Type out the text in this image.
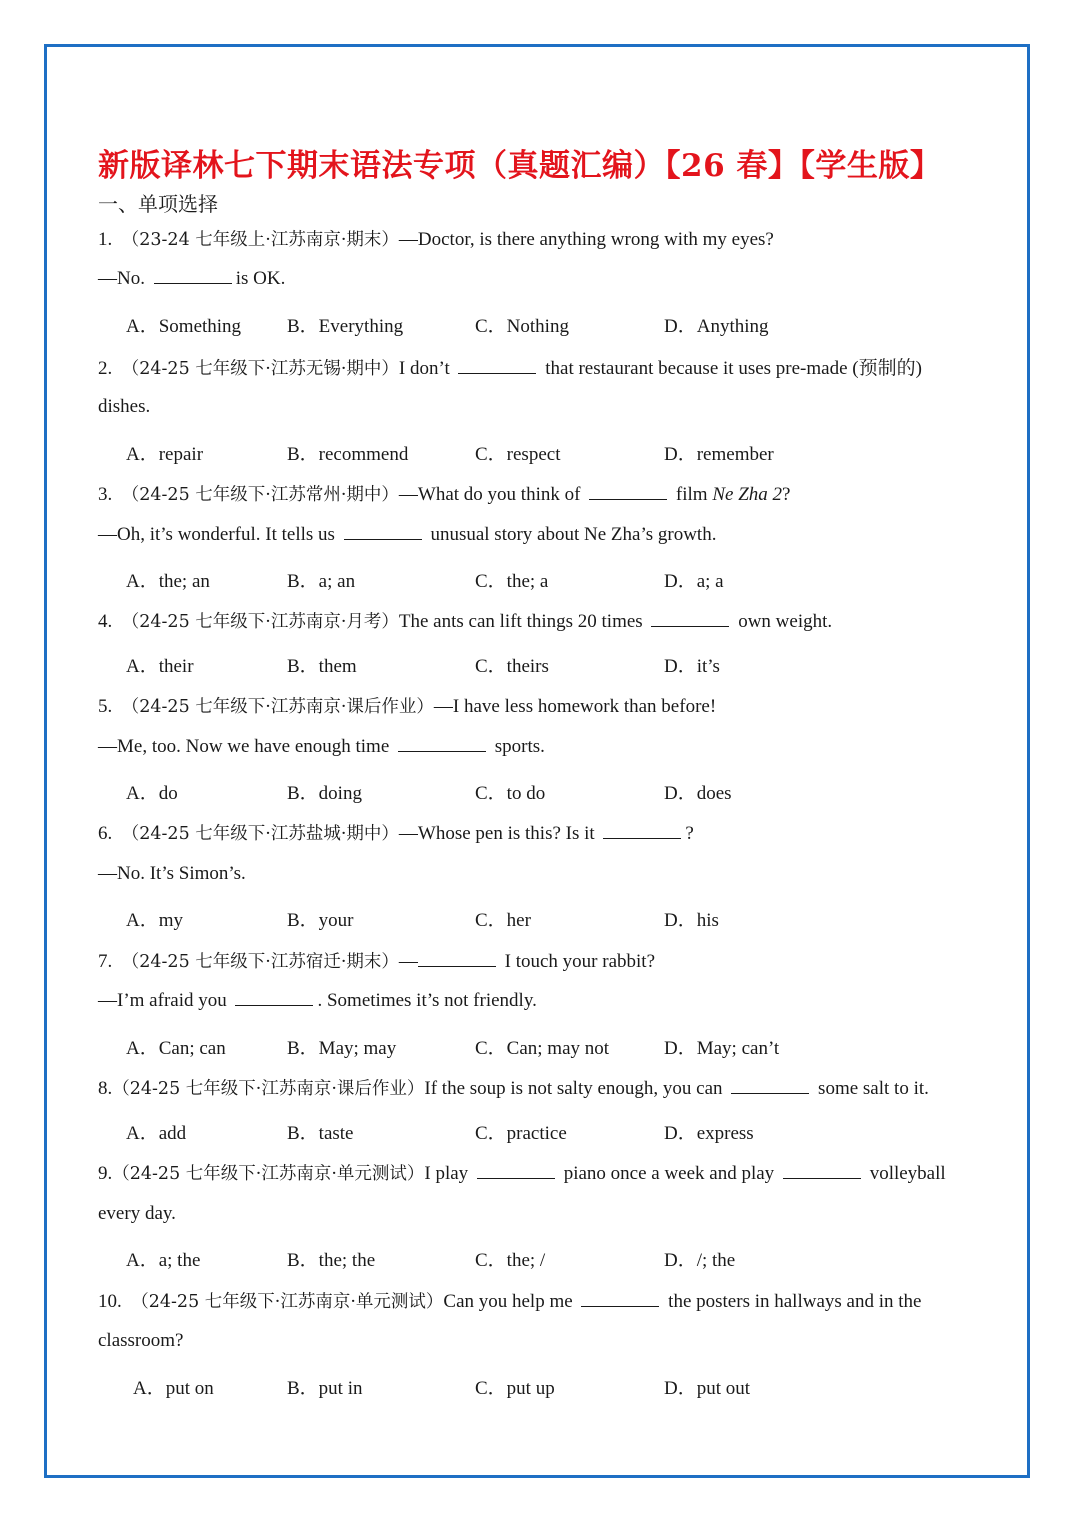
新版译林七下期末语法专项（真题汇编）【26 春】【学生版】
一、单项选择
1. （23-24 七年级上·江苏南京·期末）—Doctor, is there anything wrong with my eyes?
—No.	is OK.
A．Something B．Everything	C．Nothing	D．Anything
2. （24-25 七年级下·江苏无锡·期中）I don’t	that restaurant because it uses pre-made (预制的)
dishes.
A．repair	B．recommend	C．respect	D．remember
3. （24-25 七年级下·江苏常州·期中）—What do you think of	film Ne Zha 2?
—Oh, it’s wonderful. It tells us	unusual story about Ne Zha’s growth.
A．the; an	B．a; an	C．the; a	D．a; a
4. （24-25 七年级下·江苏南京·月考）The ants can lift things 20 times	own weight.
A．their	B．them	C．theirs	D．it’s
5. （24-25 七年级下·江苏南京·课后作业）—I have less homework than before!
—Me, too. Now we have enough time	sports.
A．do	B．doing	C．to do	D．does
6. （24-25 七年级下·江苏盐城·期中）—Whose pen is this? Is it	?
—No. It’s Simon’s.
A．my	B．your	C．her	D．his
7. （24-25 七年级下·江苏宿迁·期末）—	I touch your rabbit?
—I’m afraid you	. Sometimes it’s not friendly.
A．Can; can	B．May; may	C．Can; may not	D．May; can’t
8.（24-25 七年级下·江苏南京·课后作业）If the soup is not salty enough, you can	some salt to it.
A．add	B．taste	C．practice	D．express
9.（24-25 七年级下·江苏南京·单元测试）I play	piano once a week and play	volleyball
every day.
A．a; the	B．the; the	C．the; /	D．/; the
10. （24-25 七年级下·江苏南京·单元测试）Can you help me	the posters in hallways and in the
classroom?
A．put on	B．put in	C．put up	D．put out
